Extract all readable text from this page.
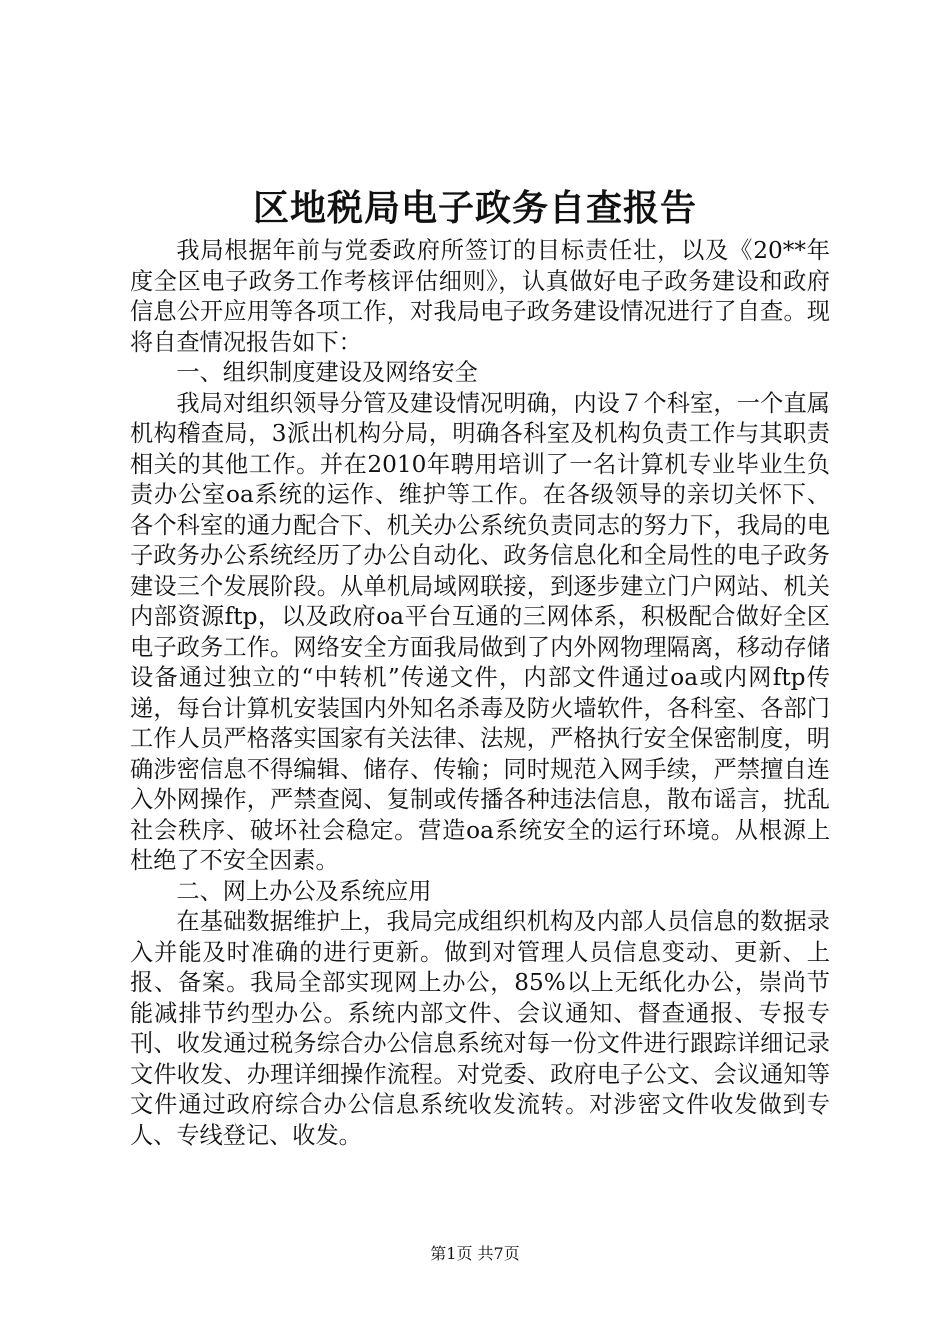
区地税局电子政务自查报告

我局根据年前与党委政府所签订的目标责任壮，以及《20**年度全区电子政务工作考核评估细则》，认真做好电子政务建设和政府信息公开应用等各项工作，对我局电子政务建设情况进行了自查。现将自查情况报告如下：

一、组织制度建设及网络安全

我局对组织领导分管及建设情况明确，内设７个科室，一个直属机构稽查局，3派出机构分局，明确各科室及机构负责工作与其职责相关的其他工作。并在2010年聘用培训了一名计算机专业毕业生负责办公室oa系统的运作、维护等工作。在各级领导的亲切关怀下、各个科室的通力配合下、机关办公系统负责同志的努力下，我局的电子政务办公系统经历了办公自动化、政务信息化和全局性的电子政务建设三个发展阶段。从单机局域网联接，到逐步建立门户网站、机关内部资源ftp，以及政府oa平台互通的三网体系，积极配合做好全区电子政务工作。网络安全方面我局做到了内外网物理隔离，移动存储设备通过独立的“中转机”传递文件，内部文件通过oa或内网ftp传递，每台计算机安装国内外知名杀毒及防火墙软件，各科室、各部门工作人员严格落实国家有关法律、法规，严格执行安全保密制度，明确涉密信息不得编辑、储存、传输；同时规范入网手续，严禁擅自连入外网操作，严禁查阅、复制或传播各种违法信息，散布谣言，扰乱社会秩序、破坏社会稳定。营造oa系统安全的运行环境。从根源上杜绝了不安全因素。

二、网上办公及系统应用

在基础数据维护上，我局完成组织机构及内部人员信息的数据录入并能及时准确的进行更新。做到对管理人员信息变动、更新、上报、备案。我局全部实现网上办公，85%以上无纸化办公，崇尚节能减排节约型办公。系统内部文件、会议通知、督查通报、专报专刊、收发通过税务综合办公信息系统对每一份文件进行跟踪详细记录文件收发、办理详细操作流程。对党委、政府电子公文、会议通知等文件通过政府综合办公信息系统收发流转。对涉密文件收发做到专人、专线登记、收发。

第1页 共7页
